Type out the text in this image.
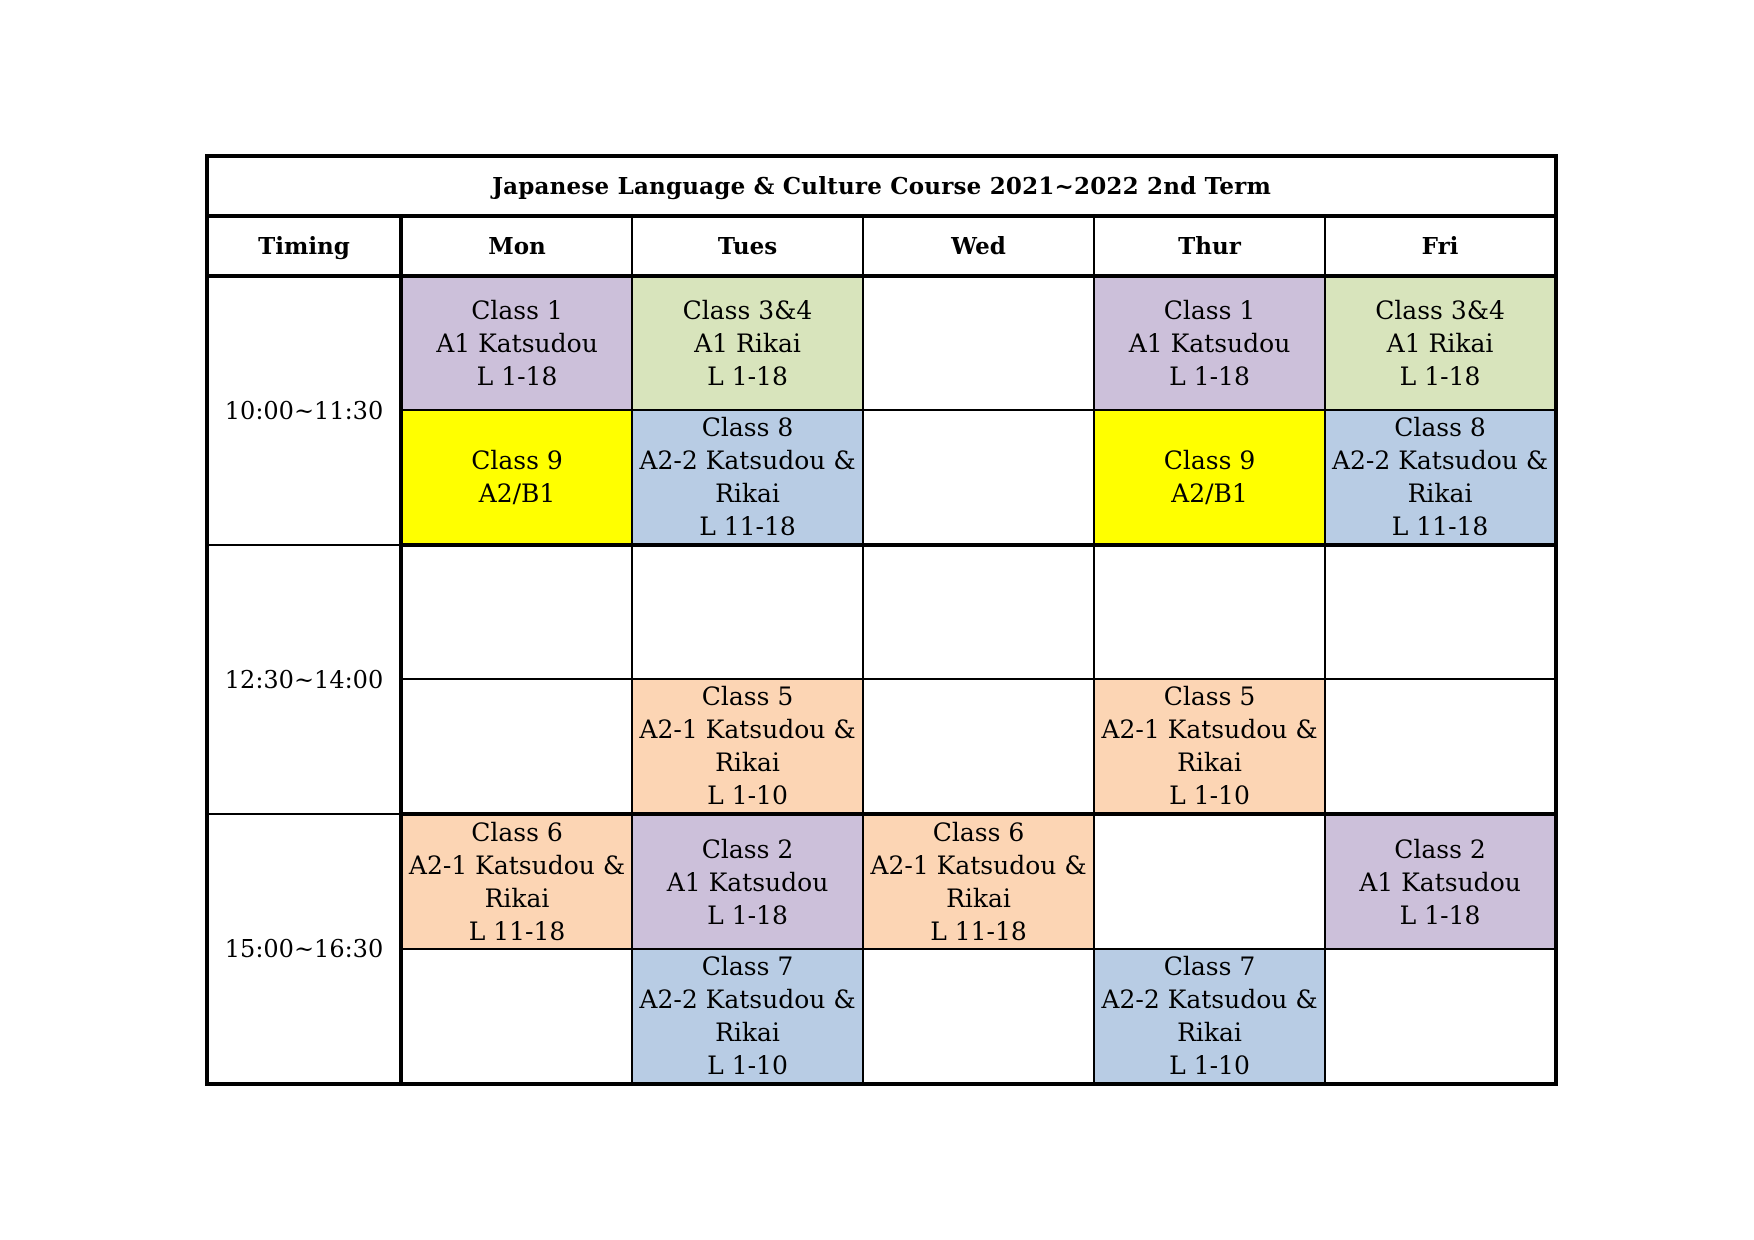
Japanese Language & Culture Course 2021~2022 2nd Term					
Timing	Mon	Tues	Wed	Thur	Fri
10:00~11:30	Class 1
A1 Katsudou
L 1-18	Class 3&4
A1 Rikai
L 1-18		Class 1
A1 Katsudou
L 1-18	Class 3&4
A1 Rikai
L 1-18

	Class 9
A2/B1	Class 8
A2-2 Katsudou &
Rikai
L 11-18		Class 9
A2/B1	Class 8
A2-2 Katsudou &
Rikai
L 11-18

12:30~14:00					

		Class 5
A2-1 Katsudou &
Rikai
L 1-10		Class 5
A2-1 Katsudou &
Rikai
L 1-10	

15:00~16:30	Class 6
A2-1 Katsudou &
Rikai
L 11-18	Class 2
A1 Katsudou
L 1-18	Class 6
A2-1 Katsudou &
Rikai
L 11-18		Class 2
A1 Katsudou
L 1-18

		Class 7
A2-2 Katsudou &
Rikai
L 1-10		Class 7
A2-2 Katsudou &
Rikai
L 1-10	
